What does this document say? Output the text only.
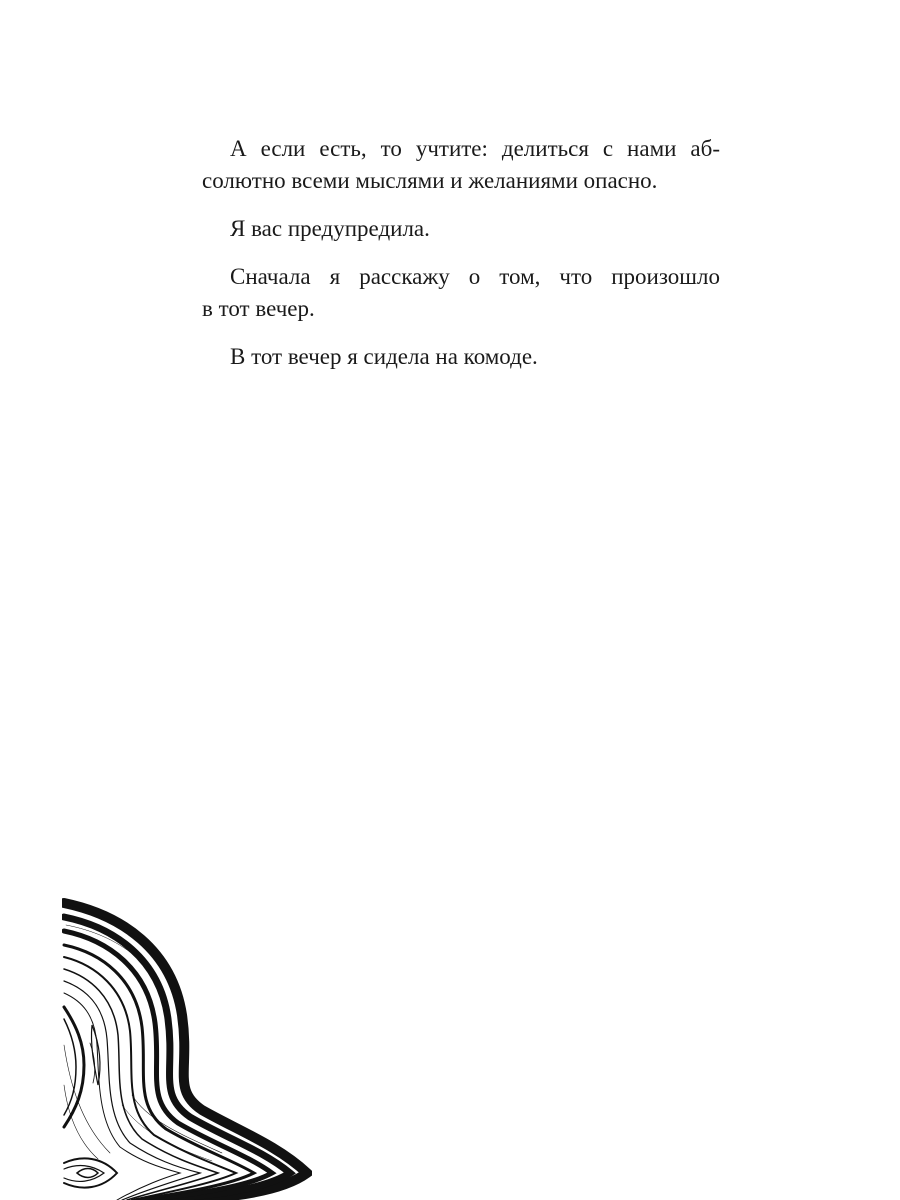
А если есть, то учтите: делиться с нами аб-
солютно всеми мыслями и желаниями опасно.

Я вас предупредила.

Сначала я расскажу о том, что произошло
в тот вечер.

В тот вечер я сидела на комоде.
